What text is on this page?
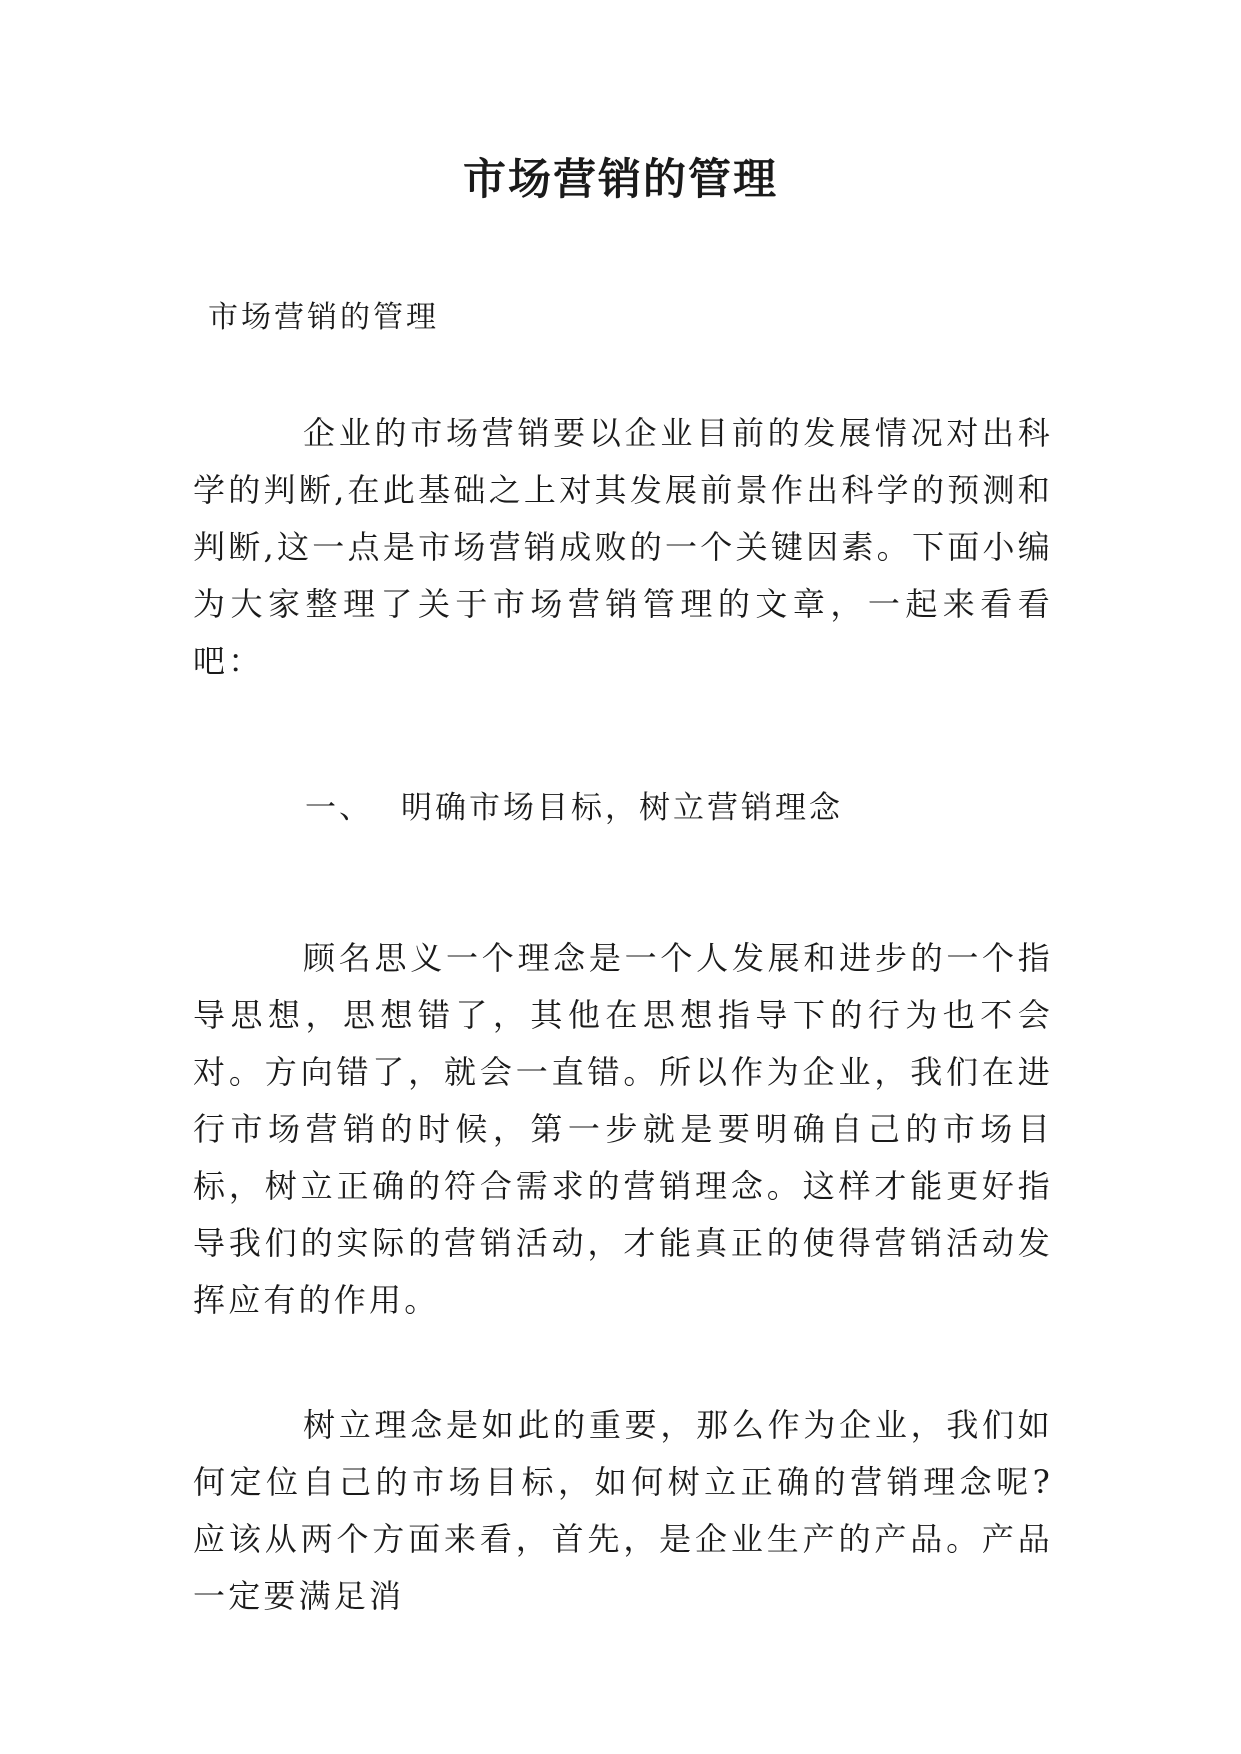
市场营销的管理

市场营销的管理

企业的市场营销要以企业目前的发展情况对出科学的判断,在此基础之上对其发展前景作出科学的预测和判断,这一点是市场营销成败的一个关键因素。下面小编为大家整理了关于市场营销管理的文章，一起来看看吧：

一、 明确市场目标，树立营销理念

顾名思义一个理念是一个人发展和进步的一个指导思想，思想错了，其他在思想指导下的行为也不会对。方向错了，就会一直错。所以作为企业，我们在进行市场营销的时候，第一步就是要明确自己的市场目标，树立正确的符合需求的营销理念。这样才能更好指导我们的实际的营销活动，才能真正的使得营销活动发挥应有的作用。

树立理念是如此的重要，那么作为企业，我们如何定位自己的市场目标，如何树立正确的营销理念呢?应该从两个方面来看，首先，是企业生产的产品。产品一定要满足消
